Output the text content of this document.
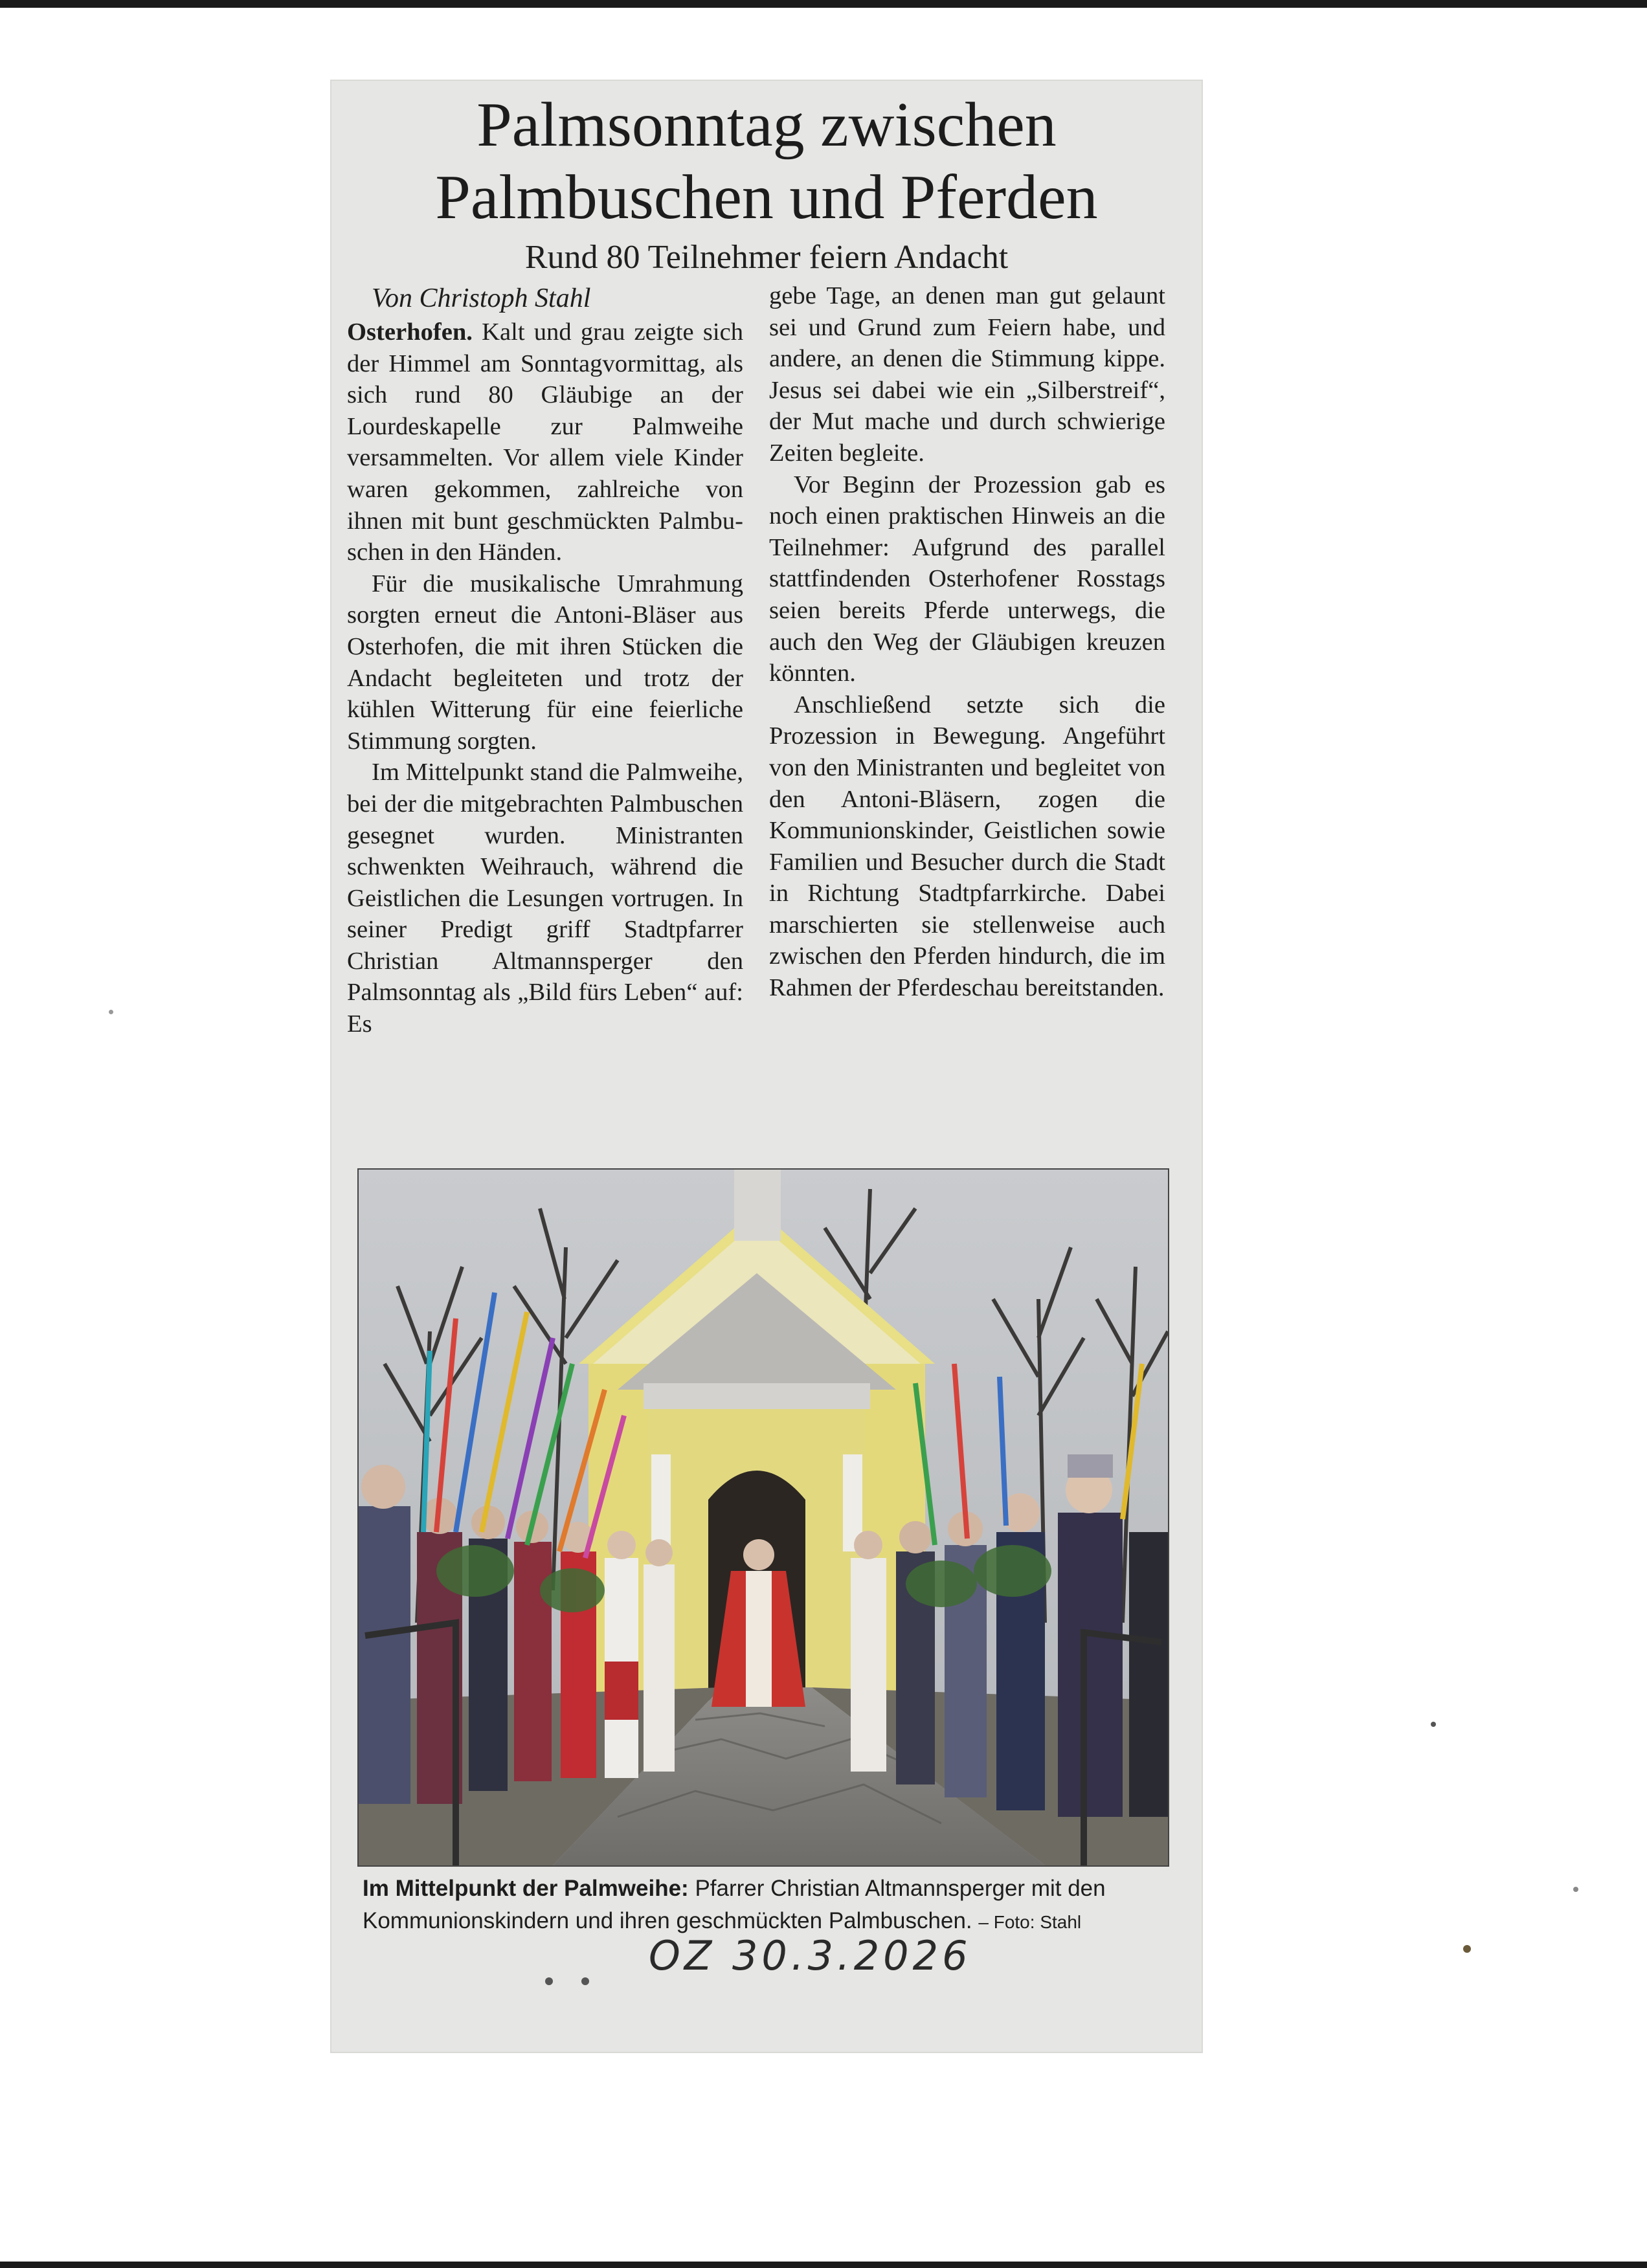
Palmsonntag zwischen
Palmbuschen und Pferden
Rund 80 Teilnehmer feiern Andacht

Von Christoph Stahl

Osterhofen. Kalt und grau zeigte sich der Himmel am Sonntagvormittag, als sich rund 80 Gläubige an der Lourdeskapelle zur Palmweihe versammelten. Vor allem viele Kinder waren gekommen, zahlreiche von ihnen mit bunt geschmückten Palmbuschen in den Händen.

Für die musikalische Umrahmung sorgten erneut die Antoni-Bläser aus Osterhofen, die mit ihren Stücken die Andacht begleiteten und trotz der kühlen Witterung für eine feierliche Stimmung sorgten.

Im Mittelpunkt stand die Palmweihe, bei der die mitgebrachten Palmbuschen gesegnet wurden. Ministranten schwenkten Weihrauch, während die Geistlichen die Lesungen vortrugen. In seiner Predigt griff Stadtpfarrer Christian Altmannsperger den Palmsonntag als „Bild fürs Leben“ auf: Es

gebe Tage, an denen man gut gelaunt sei und Grund zum Feiern habe, und andere, an denen die Stimmung kippe. Jesus sei dabei wie ein „Silberstreif“, der Mut mache und durch schwierige Zeiten begleite.

Vor Beginn der Prozession gab es noch einen praktischen Hinweis an die Teilnehmer: Aufgrund des parallel stattfindenden Osterhofener Rosstags seien bereits Pferde unterwegs, die auch den Weg der Gläubigen kreuzen könnten.

Anschließend setzte sich die Prozession in Bewegung. Angeführt von den Ministranten und begleitet von den Antoni-Bläsern, zogen die Kommunionskinder, Geistlichen sowie Familien und Besucher durch die Stadt in Richtung Stadtpfarrkirche. Dabei marschierten sie stellenweise auch zwischen den Pferden hindurch, die im Rahmen der Pferdeschau bereitstanden.

Im Mittelpunkt der Palmweihe: Pfarrer Christian Altmannsperger mit den Kommunionskindern und ihren geschmückten Palmbuschen. – Foto: Stahl
OZ 30.3.2026
